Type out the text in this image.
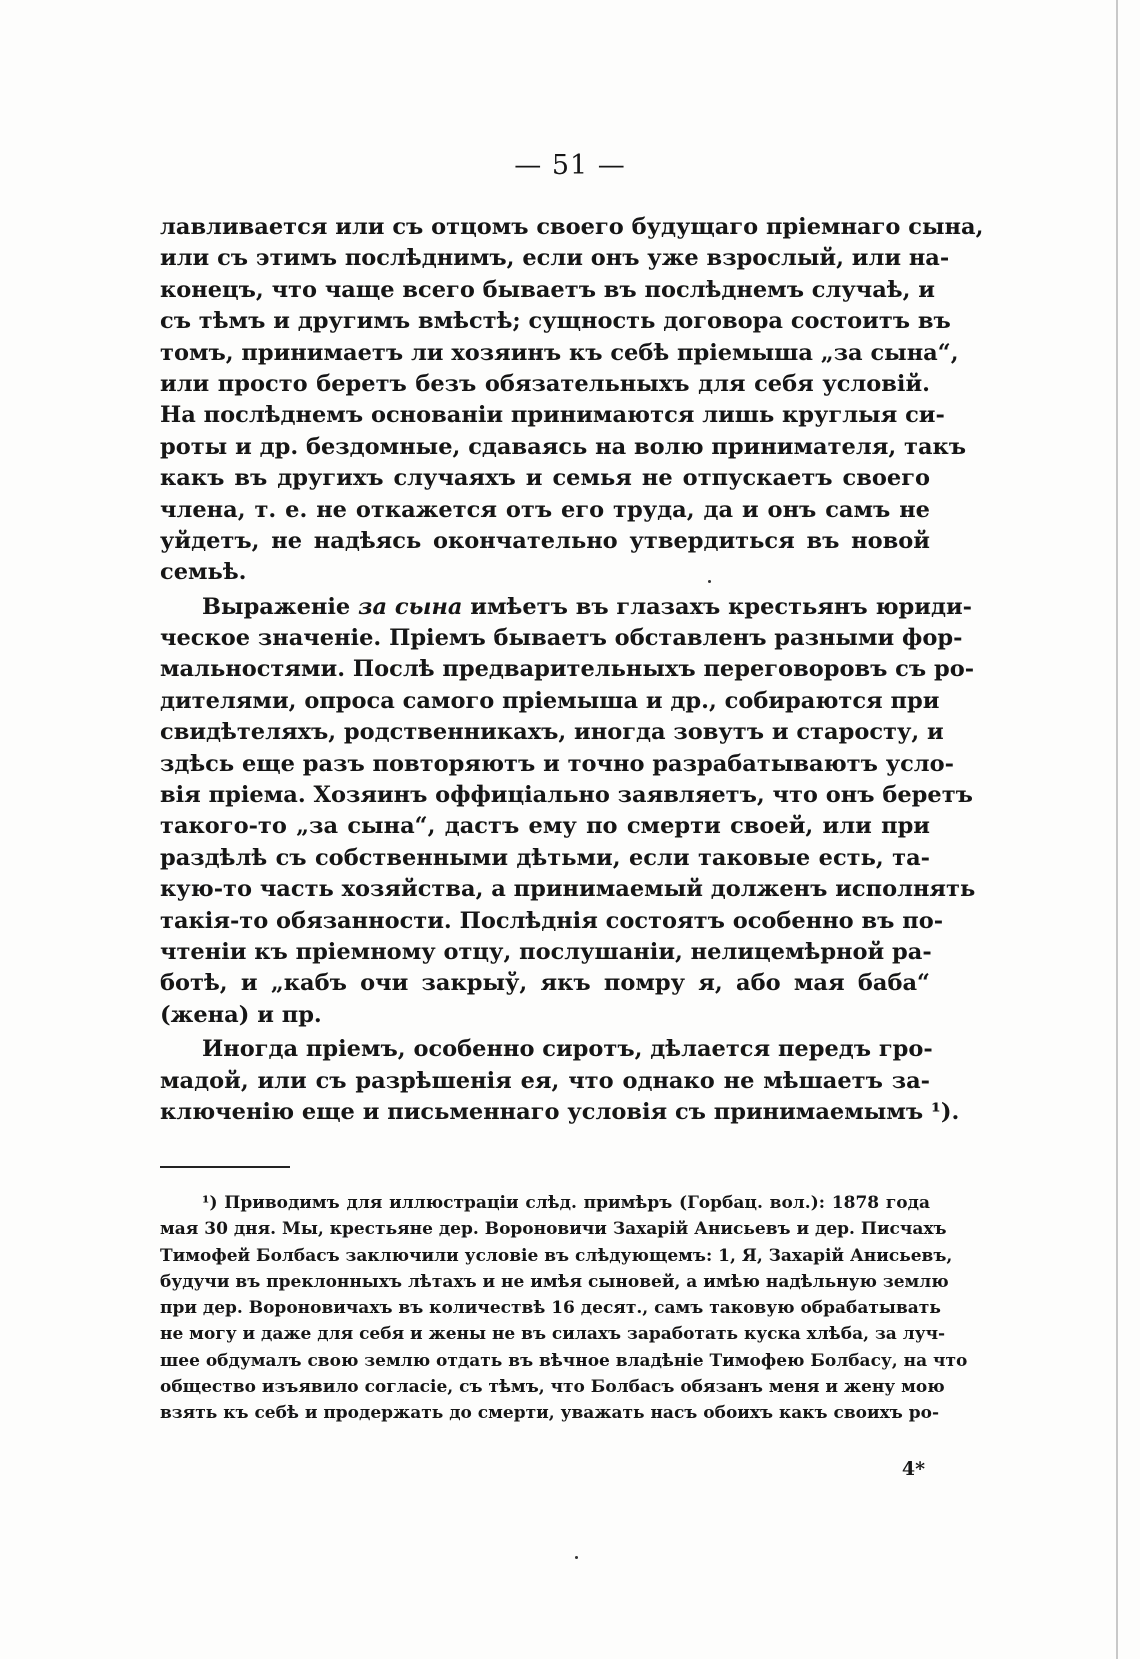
— 51 —
лавливается или съ отцомъ своего будущаго пріемнаго сына,
или съ этимъ послѣднимъ, если онъ уже взрослый, или на-
конецъ, что чаще всего бываетъ въ послѣднемъ случаѣ, и
съ тѣмъ и другимъ вмѣстѣ; сущность договора состоитъ въ
томъ, принимаетъ ли хозяинъ къ себѣ пріемыша „за сына“,
или просто беретъ безъ обязательныхъ для себя условій.
На послѣднемъ основаніи принимаются лишь круглыя си-
роты и др. бездомные, сдаваясь на волю принимателя, такъ
какъ въ другихъ случаяхъ и семья не отпускаетъ своего
члена, т. е. не откажется отъ его труда, да и онъ самъ не
уйдетъ, не надѣясь окончательно утвердиться въ новой
семьѣ.
Выраженіе за сына имѣетъ въ глазахъ крестьянъ юриди-
ческое значеніе. Пріемъ бываетъ обставленъ разными фор-
мальностями. Послѣ предварительныхъ переговоровъ съ ро-
дителями, опроса самого пріемыша и др., собираются при
свидѣтеляхъ, родственникахъ, иногда зовутъ и старосту, и
здѣсь еще разъ повторяютъ и точно разрабатываютъ усло-
вія пріема. Хозяинъ оффиціально заявляетъ, что онъ беретъ
такого-то „за сына“, дастъ ему по смерти своей, или при
раздѣлѣ съ собственными дѣтьми, если таковые есть, та-
кую-то часть хозяйства, а принимаемый долженъ исполнять
такія-то обязанности. Послѣднія состоятъ особенно въ по-
чтеніи къ пріемному отцу, послушаніи, нелицемѣрной ра-
ботѣ, и „кабъ очи закрыў, якъ помру я, або мая баба“
(жена) и пр.
Иногда пріемъ, особенно сиротъ, дѣлается передъ гро-
мадой, или съ разрѣшенія ея, что однако не мѣшаетъ за-
ключенію еще и письменнаго условія съ принимаемымъ ¹).
¹) Приводимъ для иллюстраціи слѣд. примѣръ (Горбац. вол.): 1878 года
мая 30 дня. Мы, крестьяне дер. Вороновичи Захарій Анисьевъ и дер. Писчахъ
Тимофей Болбасъ заключили условіе въ слѣдующемъ: 1, Я, Захарій Анисьевъ,
будучи въ преклонныхъ лѣтахъ и не имѣя сыновей, а имѣю надѣльную землю
при дер. Вороновичахъ въ количествѣ 16 десят., самъ таковую обрабатывать
не могу и даже для себя и жены не въ силахъ заработать куска хлѣба, за луч-
шее обдумалъ свою землю отдать въ вѣчное владѣніе Тимофею Болбасу, на что
общество изъявило согласіе, съ тѣмъ, что Болбасъ обязанъ меня и жену мою
взять къ себѣ и продержать до смерти, уважать насъ обоихъ какъ своихъ ро-
4*
